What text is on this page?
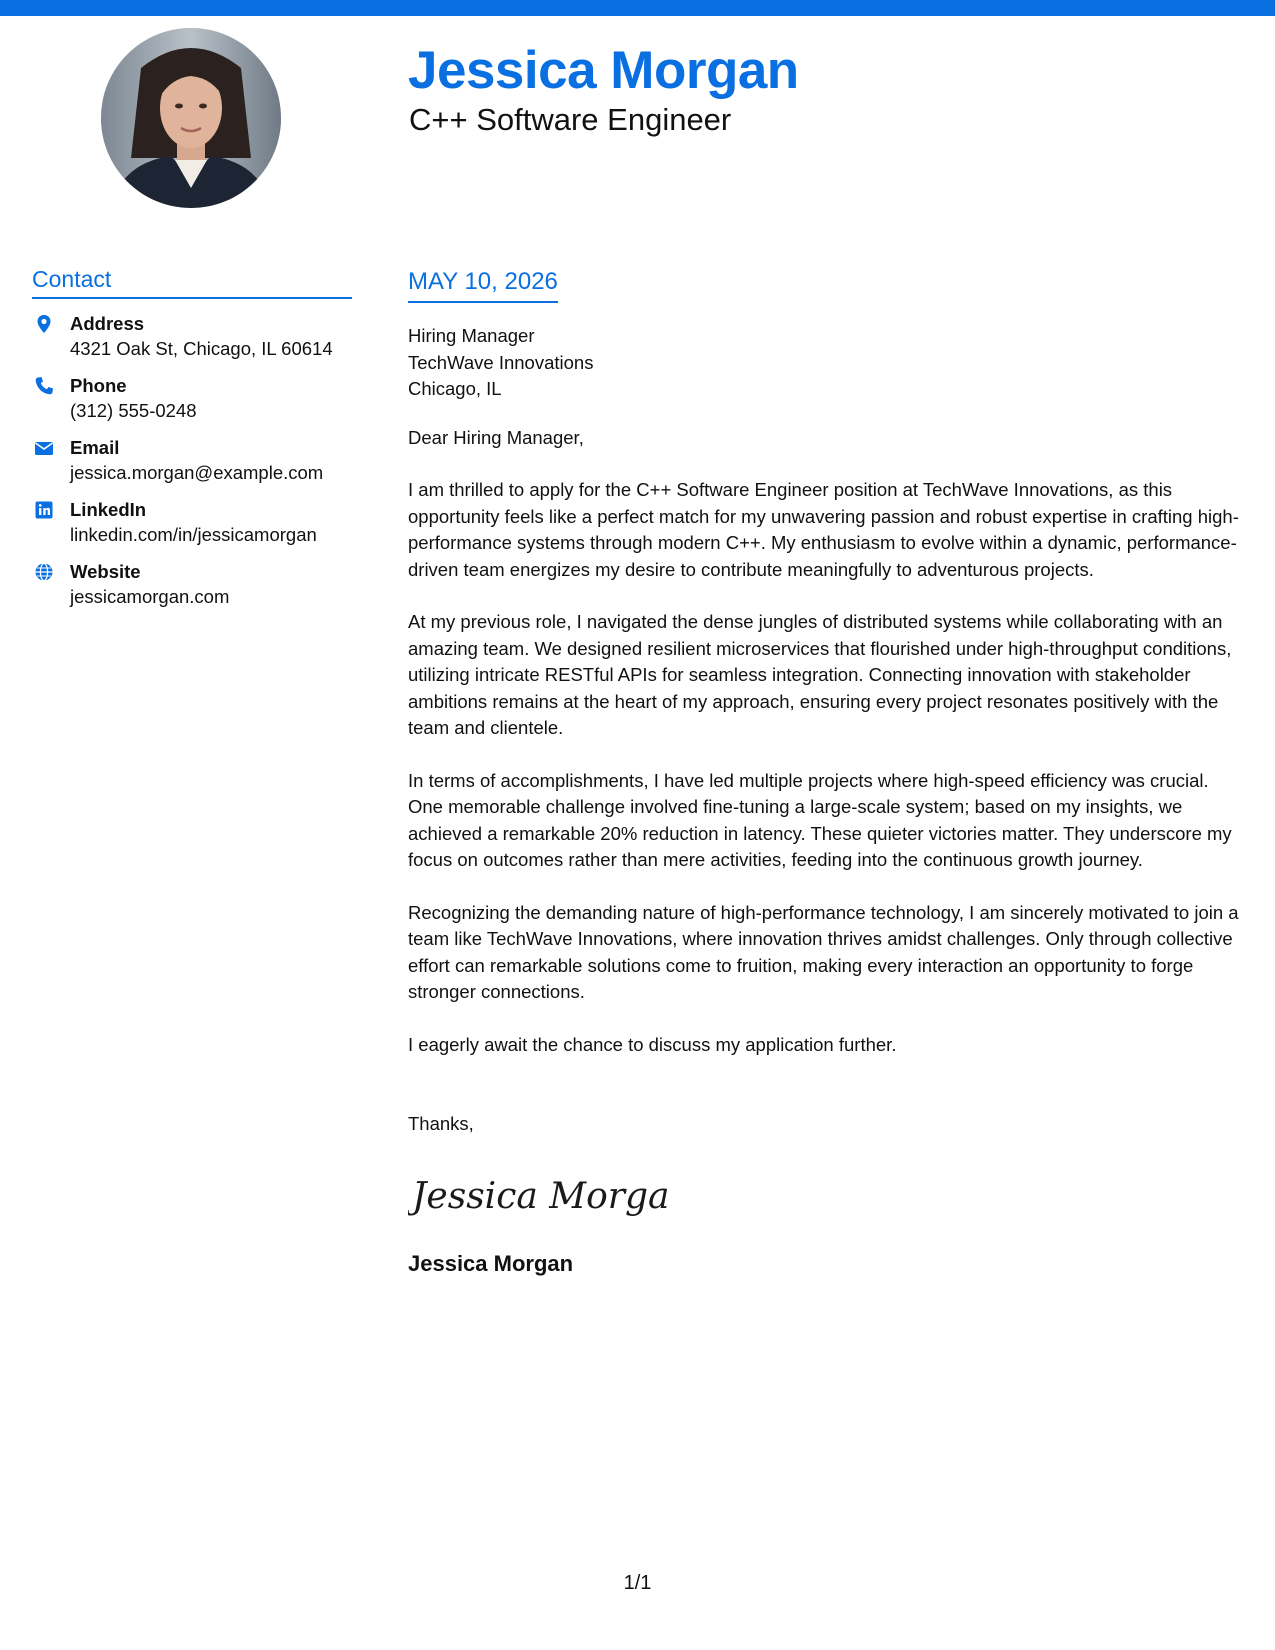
Jessica Morgan
C++ Software Engineer
Contact
Address
4321 Oak St, Chicago, IL 60614
Phone
(312) 555-0248
Email
jessica.morgan@example.com
LinkedIn
linkedin.com/in/jessicamorgan
Website
jessicamorgan.com
MAY 10, 2026
Hiring Manager
TechWave Innovations
Chicago, IL
Dear Hiring Manager,
I am thrilled to apply for the C++ Software Engineer position at TechWave Innovations, as this opportunity feels like a perfect match for my unwavering passion and robust expertise in crafting high-performance systems through modern C++. My enthusiasm to evolve within a dynamic, performance-driven team energizes my desire to contribute meaningfully to adventurous projects.
At my previous role, I navigated the dense jungles of distributed systems while collaborating with an amazing team. We designed resilient microservices that flourished under high-throughput conditions, utilizing intricate RESTful APIs for seamless integration. Connecting innovation with stakeholder ambitions remains at the heart of my approach, ensuring every project resonates positively with the team and clientele.
In terms of accomplishments, I have led multiple projects where high-speed efficiency was crucial. One memorable challenge involved fine-tuning a large-scale system; based on my insights, we achieved a remarkable 20% reduction in latency. These quieter victories matter. They underscore my focus on outcomes rather than mere activities, feeding into the continuous growth journey.
Recognizing the demanding nature of high-performance technology, I am sincerely motivated to join a team like TechWave Innovations, where innovation thrives amidst challenges. Only through collective effort can remarkable solutions come to fruition, making every interaction an opportunity to forge stronger connections.
I eagerly await the chance to discuss my application further.
Thanks,
Jessica Morgan
Jessica Morgan
1/1
